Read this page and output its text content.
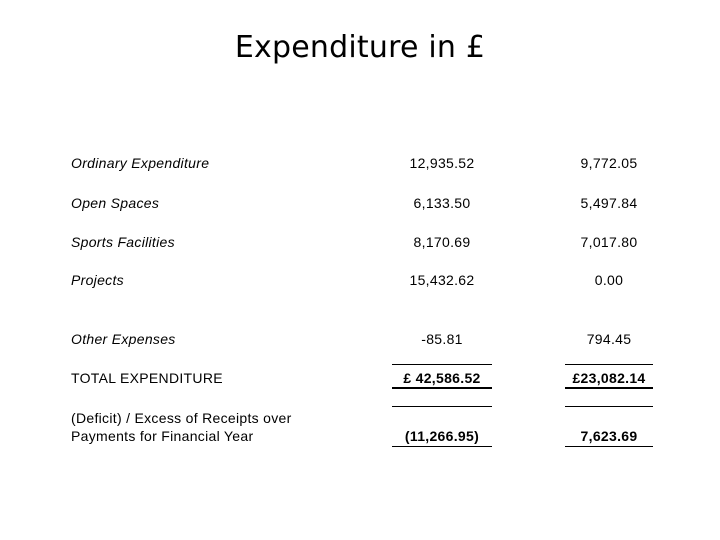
Expenditure in £
Ordinary Expenditure	12,935.52	9,772.05
Open Spaces	6,133.50	5,497.84
Sports Facilities	8,170.69	7,017.80
Projects	15,432.62	0.00
Other Expenses	-85.81	794.45
TOTAL EXPENDITURE	£ 42,586.52	£23,082.14
(Deficit) / Excess of Receipts over
Payments for Financial Year	(11,266.95)	7,623.69
